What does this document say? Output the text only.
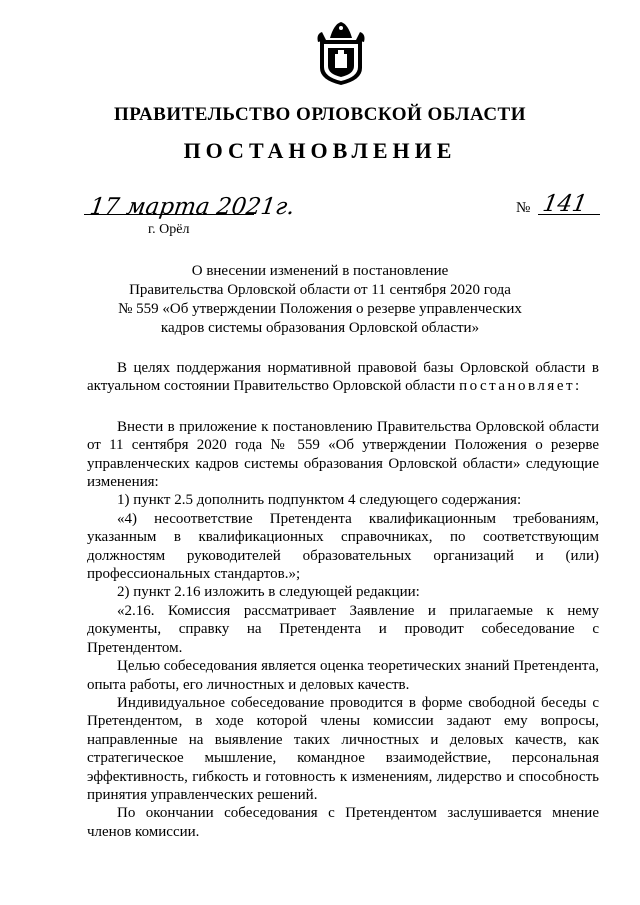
ПРАВИТЕЛЬСТВО ОРЛОВСКОЙ ОБЛАСТИ
ПОСТАНОВЛЕНИЕ
17 марта 2021г.
г. Орёл
№ 141
О внесении изменений в постановление
Правительства Орловской области от 11 сентября 2020 года
№ 559 «Об утверждении Положения о резерве управленческих
кадров системы образования Орловской области»

В целях поддержания нормативной правовой базы Орловской области в актуальном состоянии Правительство Орловской области постановляет:

Внести в приложение к постановлению Правительства Орловской области от 11 сентября 2020 года № 559 «Об утверждении Положения о резерве управленческих кадров системы образования Орловской области» следующие изменения:

1) пункт 2.5 дополнить подпунктом 4 следующего содержания:

«4) несоответствие Претендента квалификационным требованиям, указанным в квалификационных справочниках, по соответствующим должностям руководителей образовательных организаций и (или) профессиональных стандартов.»;

2) пункт 2.16 изложить в следующей редакции:

«2.16. Комиссия рассматривает Заявление и прилагаемые к нему документы, справку на Претендента и проводит собеседование с Претендентом.

Целью собеседования является оценка теоретических знаний Претендента, опыта работы, его личностных и деловых качеств.

Индивидуальное собеседование проводится в форме свободной беседы с Претендентом, в ходе которой члены комиссии задают ему вопросы, направленные на выявление таких личностных и деловых качеств, как стратегическое мышление, командное взаимодействие, персональная эффективность, гибкость и готовность к изменениям, лидерство и способность принятия управленческих решений.

По окончании собеседования с Претендентом заслушивается мнение членов комиссии.
